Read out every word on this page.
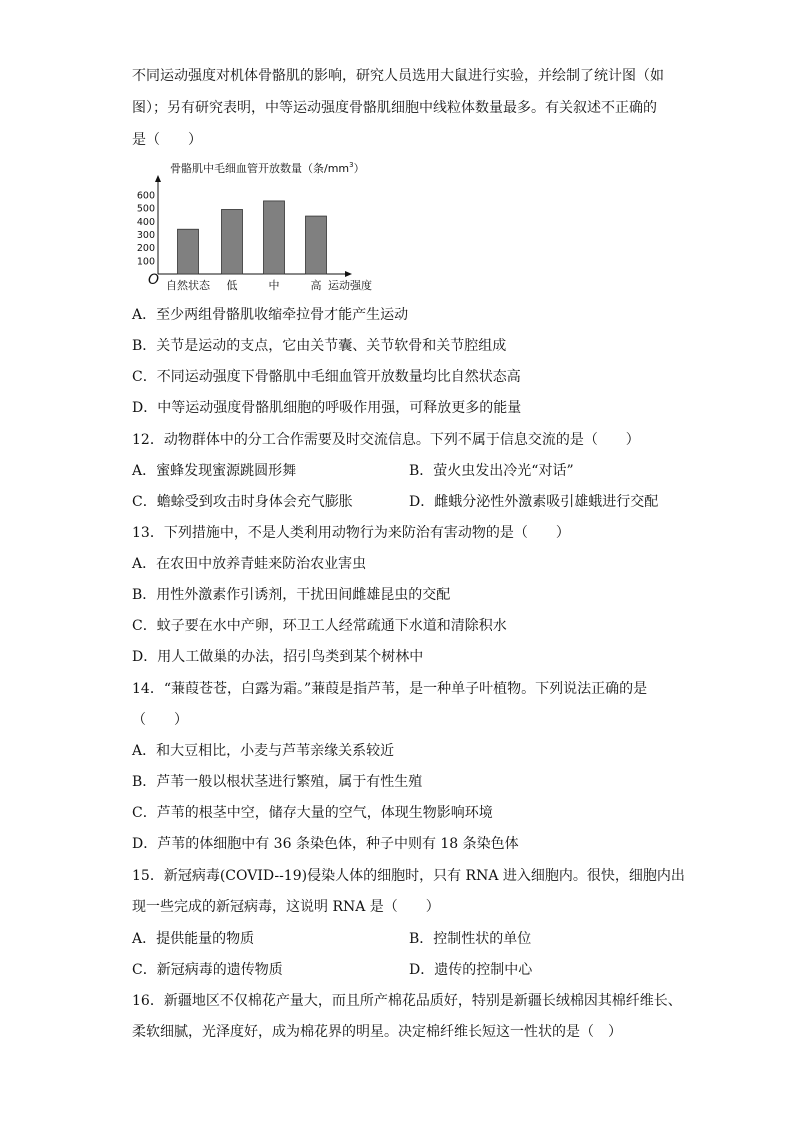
不同运动强度对机体骨骼肌的影响，研究人员选用大鼠进行实验，并绘制了统计图（如
图）；另有研究表明，中等运动强度骨骼肌细胞中线粒体数量最多。有关叙述不正确的
是（　　）
骨骼肌中毛细血管开放数量（条$/mm^3$）
O
100
200
300
400
500
600
自然状态 低	中	高 运动强度
A．至少两组骨骼肌收缩牵拉骨才能产生运动
B．关节是运动的支点，它由关节囊、关节软骨和关节腔组成
C．不同运动强度下骨骼肌中毛细血管开放数量均比自然状态高
D．中等运动强度骨骼肌细胞的呼吸作用强，可释放更多的能量
12．动物群体中的分工合作需要及时交流信息。下列不属于信息交流的是（　　）
A．蜜蜂发现蜜源跳圆形舞	B．萤火虫发出冷光“对话”
C．蟾蜍受到攻击时身体会充气膨胀	D．雌蛾分泌性外激素吸引雄蛾进行交配
13．下列措施中，不是人类利用动物行为来防治有害动物的是（　　）
A．在农田中放养青蛙来防治农业害虫
B．用性外激素作引诱剂，干扰田间雌雄昆虫的交配
C．蚊子要在水中产卵，环卫工人经常疏通下水道和清除积水
D．用人工做巢的办法，招引鸟类到某个树林中
14．“蒹葭苍苍，白露为霜。”蒹葭是指芦苇，是一种单子叶植物。下列说法正确的是
（　　）
A．和大豆相比，小麦与芦苇亲缘关系较近
B．芦苇一般以根状茎进行繁殖，属于有性生殖
C．芦苇的根茎中空，储存大量的空气，体现生物影响环境
D．芦苇的体细胞中有 36 条染色体，种子中则有 18 条染色体
15．新冠病毒(COVID--19)侵染人体的细胞时，只有 RNA 进入细胞内。很快，细胞内出
现一些完成的新冠病毒，这说明 RNA 是（　　）
A．提供能量的物质	B．控制性状的单位
C．新冠病毒的遗传物质	D．遗传的控制中心
16．新疆地区不仅棉花产量大，而且所产棉花品质好，特别是新疆长绒棉因其棉纤维长、
柔软细腻，光泽度好，成为棉花界的明星。决定棉纤维长短这一性状的是（　）
